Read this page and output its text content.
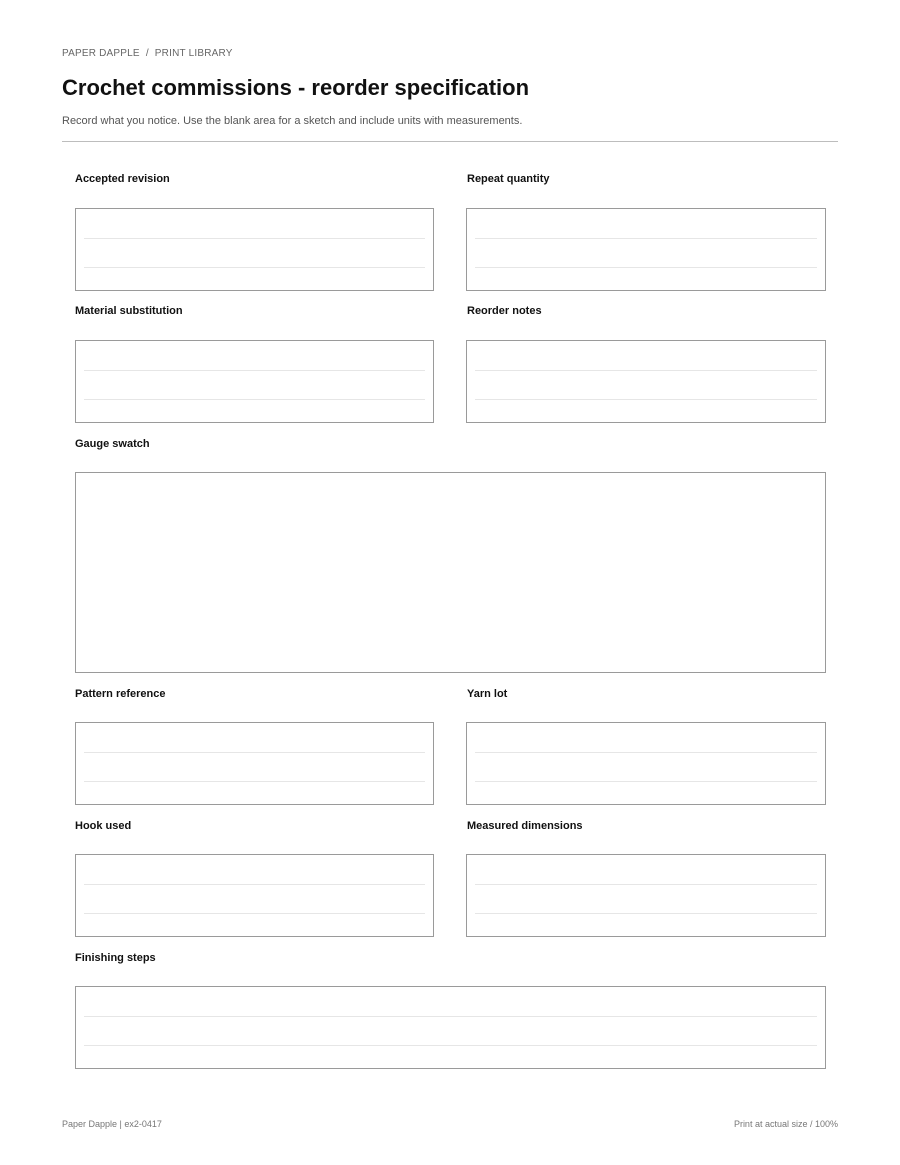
PAPER DAPPLE / PRINT LIBRARY
Crochet commissions - reorder specification
Record what you notice. Use the blank area for a sketch and include units with measurements.
Accepted revision	Repeat quantity
Material substitution	Reorder notes
Gauge swatch
Pattern reference	Yarn lot
Hook used	Measured dimensions
Finishing steps
Paper Dapple | ex2-0417	Print at actual size / 100%
